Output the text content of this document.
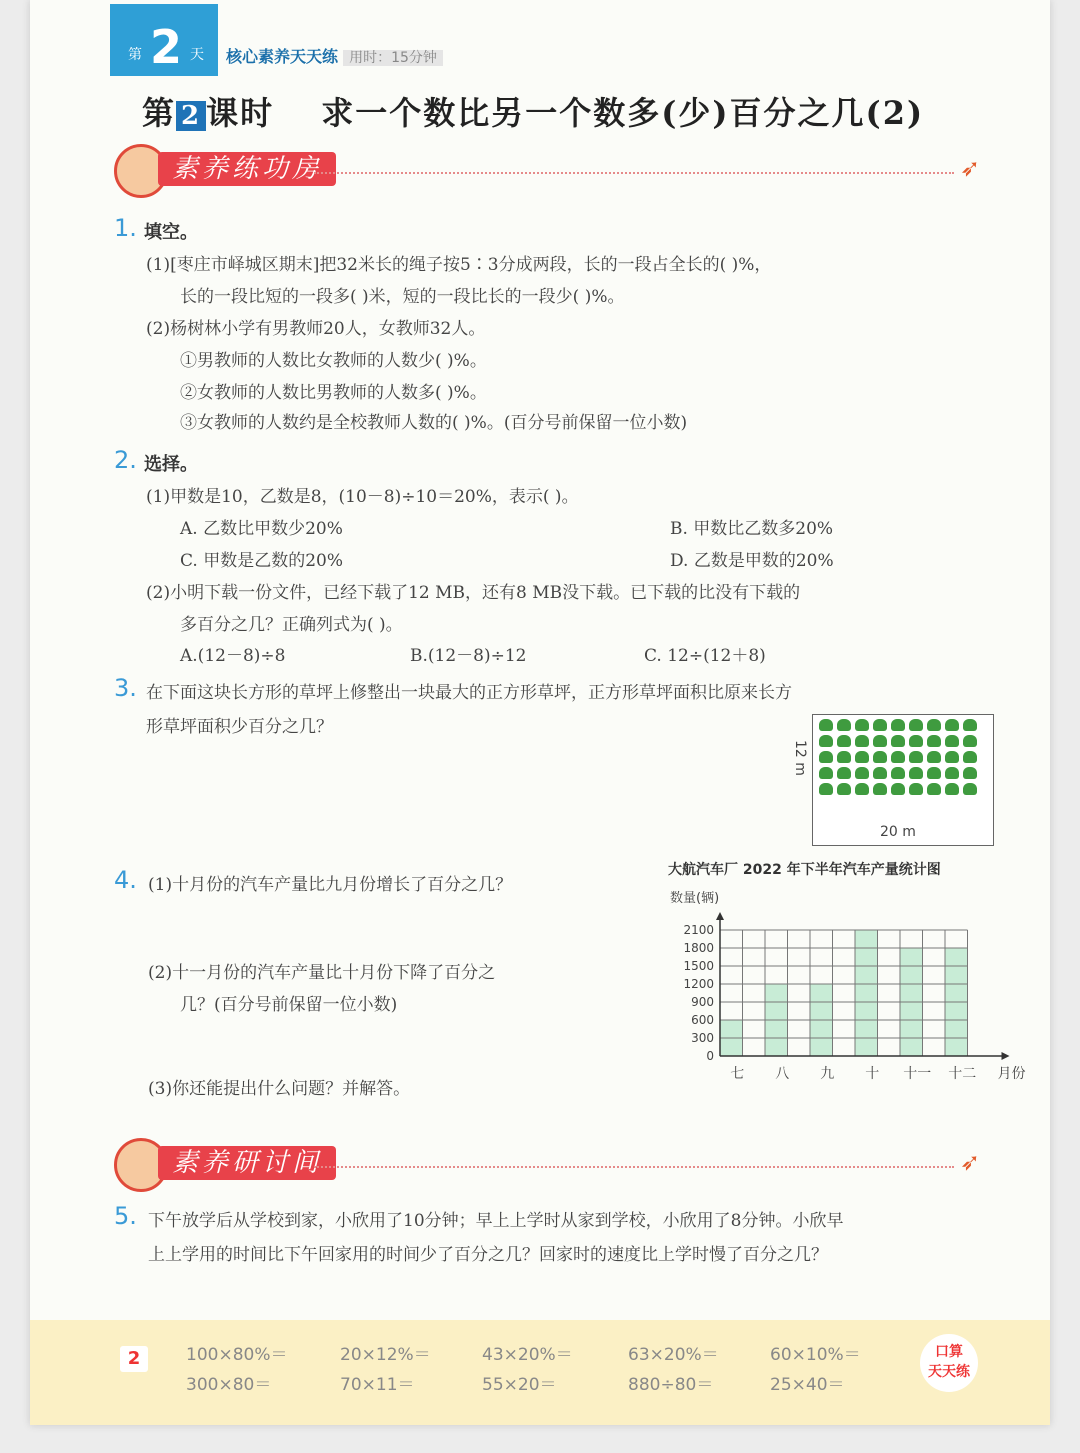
第 2 天 核心素养天天练 用时：15分钟
第 2 课时 求一个数比另一个数多(少)百分之几(2)
素养练功房	➶
1. 填空。
(1)[枣庄市峄城区期末]把32米长的绳子按5∶3分成两段，长的一段占全长的( )%，
长的一段比短的一段多( )米，短的一段比长的一段少( )%。
(2)杨树林小学有男教师20人，女教师32人。
①男教师的人数比女教师的人数少( )%。
②女教师的人数比男教师的人数多( )%。
③女教师的人数约是全校教师人数的( )%。(百分号前保留一位小数)
2. 选择。
(1)甲数是10，乙数是8，(10－8)÷10＝20%，表示( )。
A. 乙数比甲数少20%	B. 甲数比乙数多20%
C. 甲数是乙数的20%	D. 乙数是甲数的20%
(2)小明下载一份文件，已经下载了12 MB，还有8 MB没下载。已下载的比没有下载的
多百分之几？正确列式为( )。
A.(12－8)÷8	B.(12－8)÷12	C. 12÷(12＋8)
3. 在下面这块长方形的草坪上修整出一块最大的正方形草坪，正方形草坪面积比原来长方
形草坪面积少百分之几？
12 m
20 m
4. (1)十月份的汽车产量比九月份增长了百分之几？
(2)十一月份的汽车产量比十月份下降了百分之
几？(百分号前保留一位小数)
(3)你还能提出什么问题？并解答。
大航汽车厂 2022 年下半年汽车产量统计图
数量(辆)
0
300
600
900
1200
1500
1800
2100
七 八 九 十 十一 十二 月份
素养研讨间	➶
5. 下午放学后从学校到家，小欣用了10分钟；早上上学时从家到学校，小欣用了8分钟。小欣早
上上学用的时间比下午回家用的时间少了百分之几？回家时的速度比上学时慢了百分之几？
2	100×80%＝	20×12%＝	43×20%＝	63×20%＝	60×10%＝
300×80＝	70×11＝	55×20＝	880÷80＝	25×40＝
口算
天天练
